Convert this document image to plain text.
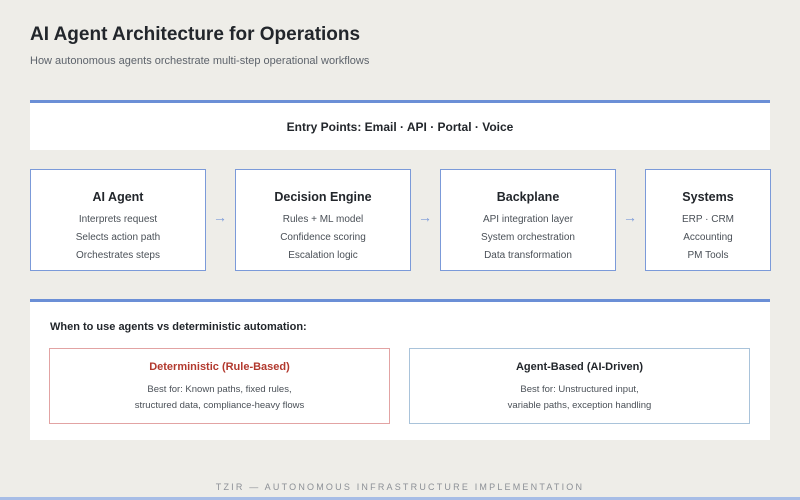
AI Agent Architecture for Operations
How autonomous agents orchestrate multi-step operational workflows
Entry Points: Email · API · Portal · Voice
AI Agent
Interprets request
Selects action path
Orchestrates steps
→
Decision Engine
Rules + ML model
Confidence scoring
Escalation logic
→
Backplane
API integration layer
System orchestration
Data transformation
→
Systems
ERP · CRM
Accounting
PM Tools
When to use agents vs deterministic automation:
Deterministic (Rule-Based)
Best for: Known paths, fixed rules,
structured data, compliance-heavy flows
Agent-Based (AI-Driven)
Best for: Unstructured input,
variable paths, exception handling
TZIR — AUTONOMOUS INFRASTRUCTURE IMPLEMENTATION
